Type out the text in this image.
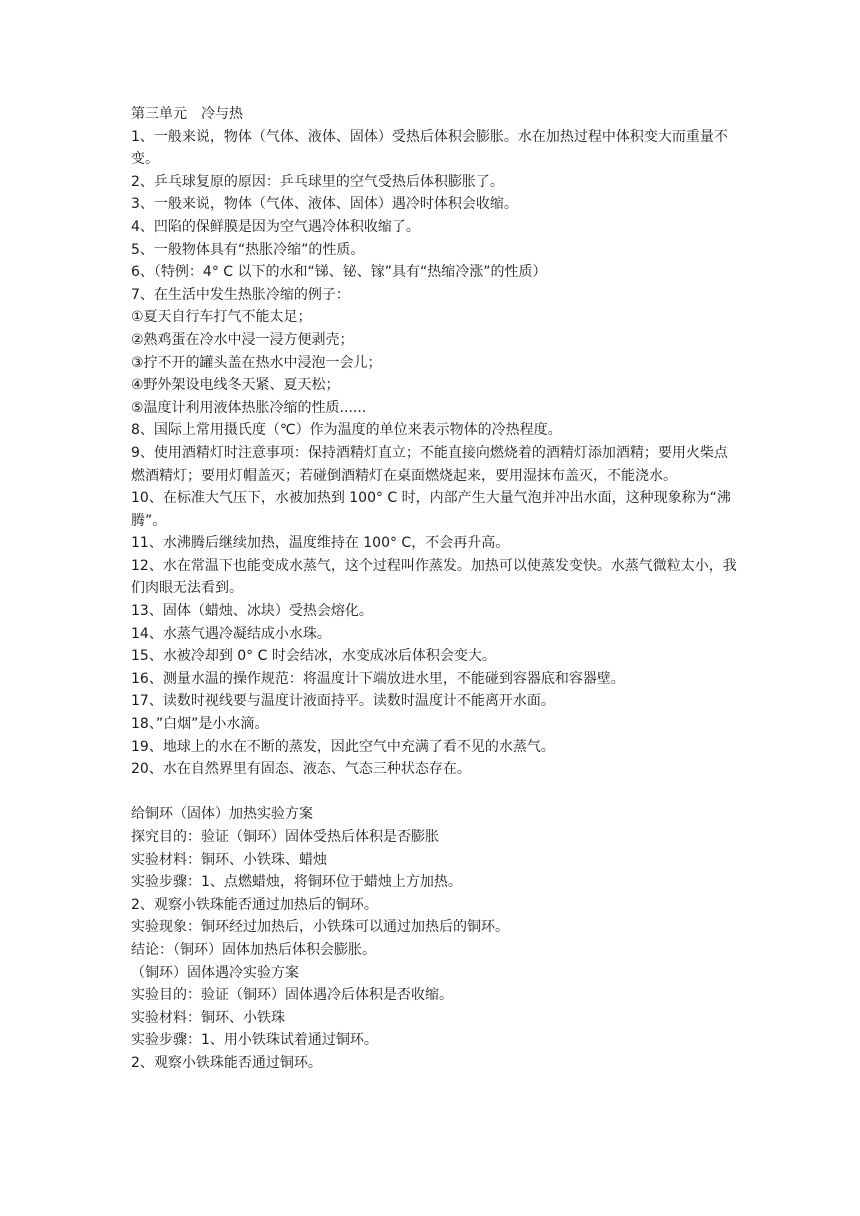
第三单元　冷与热
1、一般来说，物体（气体、液体、固体）受热后体积会膨胀。水在加热过程中体积变大而重量不变。
2、乒乓球复原的原因：乒乓球里的空气受热后体积膨胀了。
3、一般来说，物体（气体、液体、固体）遇冷时体积会收缩。
4、凹陷的保鲜膜是因为空气遇冷体积收缩了。
5、一般物体具有“热胀冷缩”的性质。
6、（特例：4° C 以下的水和“锑、铋、镓”具有“热缩冷涨”的性质）
7、在生活中发生热胀冷缩的例子：
①夏天自行车打气不能太足；
②熟鸡蛋在冷水中浸一浸方便剥壳；
③拧不开的罐头盖在热水中浸泡一会儿；
④野外架设电线冬天紧、夏天松；
⑤温度计利用液体热胀冷缩的性质......
8、国际上常用摄氏度（℃）作为温度的单位来表示物体的冷热程度。
9、使用酒精灯时注意事项：保持酒精灯直立；不能直接向燃烧着的酒精灯添加酒精；要用火柴点燃酒精灯；要用灯帽盖灭；若碰倒酒精灯在桌面燃烧起来，要用湿抹布盖灭，不能浇水。
10、在标准大气压下，水被加热到 100° C 时，内部产生大量气泡并冲出水面，这种现象称为“沸腾”。
11、水沸腾后继续加热，温度维持在 100° C，不会再升高。
12、水在常温下也能变成水蒸气，这个过程叫作蒸发。加热可以使蒸发变快。水蒸气微粒太小，我们肉眼无法看到。
13、固体（蜡烛、冰块）受热会熔化。
14、水蒸气遇冷凝结成小水珠。
15、水被冷却到 0° C 时会结冰，水变成冰后体积会变大。
16、测量水温的操作规范：将温度计下端放进水里，不能碰到容器底和容器壁。
17、读数时视线要与温度计液面持平。读数时温度计不能离开水面。
18、”白烟”是小水滴。
19、地球上的水在不断的蒸发，因此空气中充满了看不见的水蒸气。
20、水在自然界里有固态、液态、气态三种状态存在。
给铜环（固体）加热实验方案
探究目的：验证（铜环）固体受热后体积是否膨胀
实验材料：铜环、小铁珠、蜡烛
实验步骤：1、点燃蜡烛，将铜环位于蜡烛上方加热。
2、观察小铁珠能否通过加热后的铜环。
实验现象：铜环经过加热后，小铁珠可以通过加热后的铜环。
结论：（铜环）固体加热后体积会膨胀。
（铜环）固体遇冷实验方案
实验目的：验证（铜环）固体遇冷后体积是否收缩。
实验材料：铜环、小铁珠
实验步骤：1、用小铁珠试着通过铜环。
2、观察小铁珠能否通过铜环。
